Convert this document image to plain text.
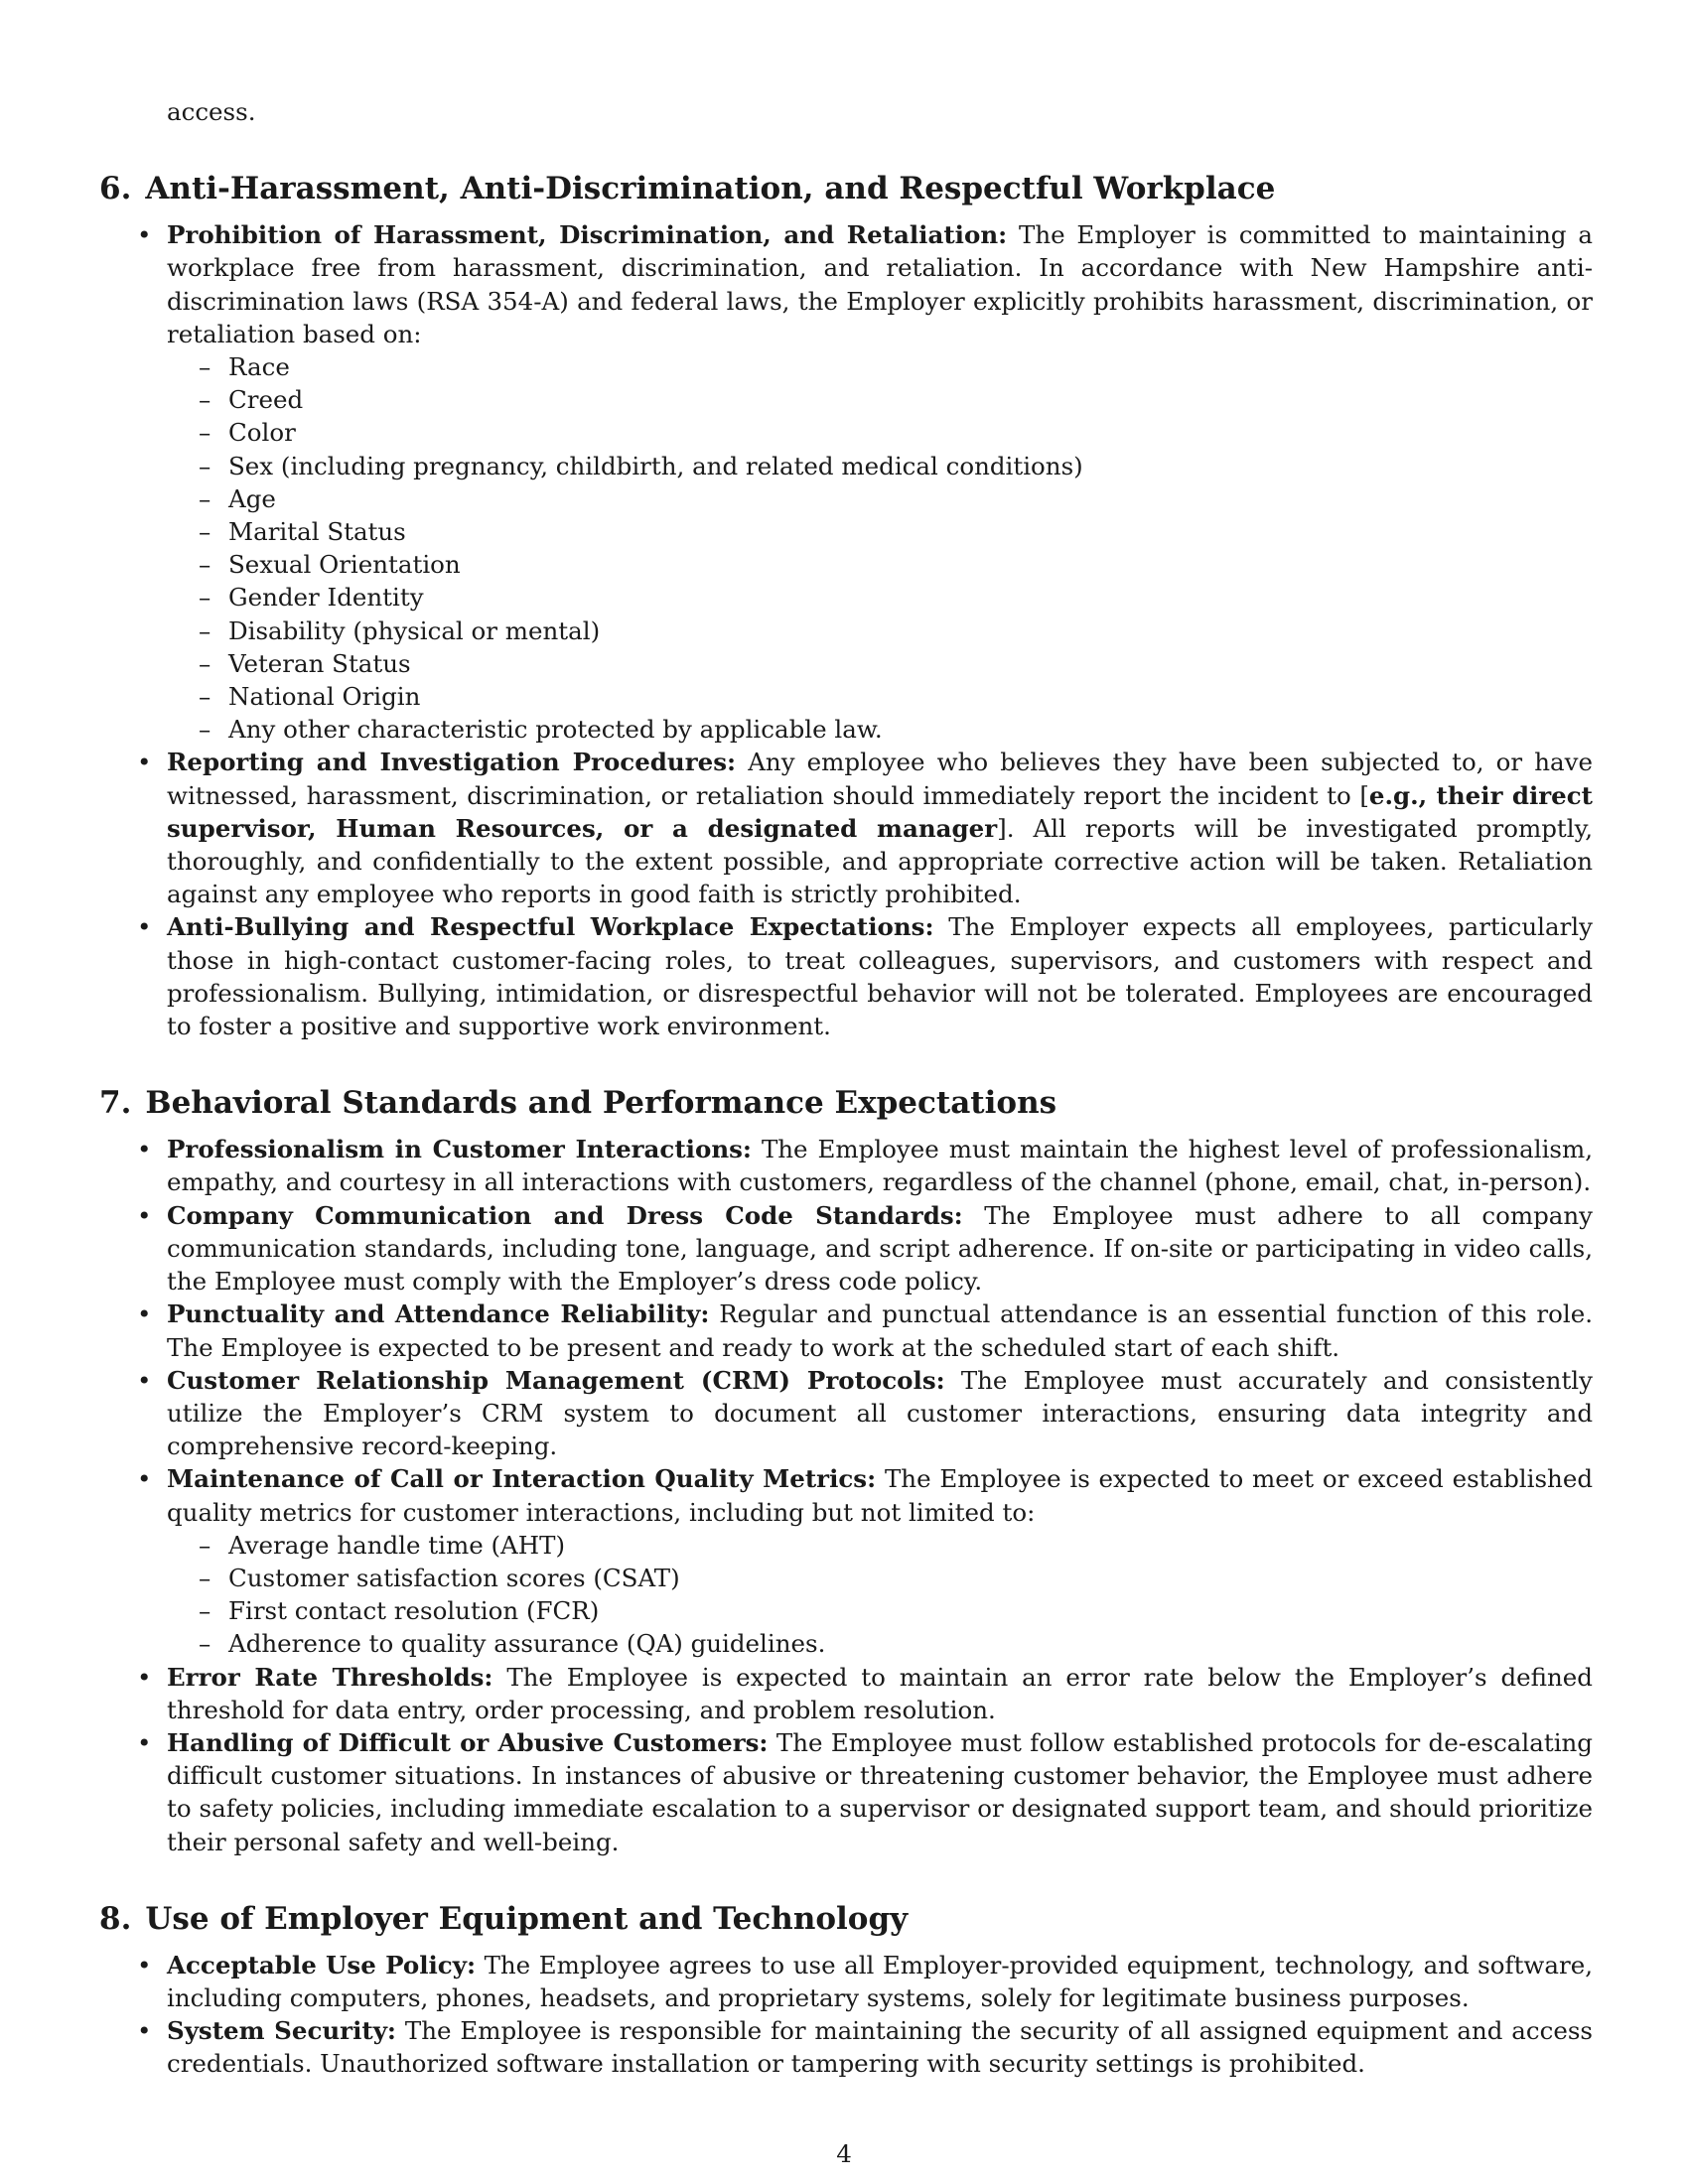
access.
6. Anti-Harassment, Anti-Discrimination, and Respectful Workplace
• Prohibition of Harassment, Discrimination, and Retaliation: The Employer is committed to maintaining a workplace free from harassment, discrimination, and retaliation. In accordance with New Hampshire anti-discrimination laws (RSA 354-A) and federal laws, the Employer explicitly prohibits harassment, discrimination, or retaliation based on:
– Race
– Creed
– Color
– Sex (including pregnancy, childbirth, and related medical conditions)
– Age
– Marital Status
– Sexual Orientation
– Gender Identity
– Disability (physical or mental)
– Veteran Status
– National Origin
– Any other characteristic protected by applicable law.
• Reporting and Investigation Procedures: Any employee who believes they have been subjected to, or have witnessed, harassment, discrimination, or retaliation should immediately report the incident to [e.g., their direct supervisor, Human Resources, or a designated manager]. All reports will be investigated promptly, thoroughly, and confidentially to the extent possible, and appropriate corrective action will be taken. Retaliation against any employee who reports in good faith is strictly prohibited.
• Anti-Bullying and Respectful Workplace Expectations: The Employer expects all employees, particularly those in high-contact customer-facing roles, to treat colleagues, supervisors, and customers with respect and professionalism. Bullying, intimidation, or disrespectful behavior will not be tolerated. Employees are encouraged to foster a positive and supportive work environment.
7. Behavioral Standards and Performance Expectations
• Professionalism in Customer Interactions: The Employee must maintain the highest level of professionalism, empathy, and courtesy in all interactions with customers, regardless of the channel (phone, email, chat, in-person).
• Company Communication and Dress Code Standards: The Employee must adhere to all company communication standards, including tone, language, and script adherence. If on-site or participating in video calls, the Employee must comply with the Employer’s dress code policy.
• Punctuality and Attendance Reliability: Regular and punctual attendance is an essential function of this role. The Employee is expected to be present and ready to work at the scheduled start of each shift.
• Customer Relationship Management (CRM) Protocols: The Employee must accurately and consistently utilize the Employer’s CRM system to document all customer interactions, ensuring data integrity and comprehensive record-keeping.
• Maintenance of Call or Interaction Quality Metrics: The Employee is expected to meet or exceed established quality metrics for customer interactions, including but not limited to:
– Average handle time (AHT)
– Customer satisfaction scores (CSAT)
– First contact resolution (FCR)
– Adherence to quality assurance (QA) guidelines.
• Error Rate Thresholds: The Employee is expected to maintain an error rate below the Employer’s defined threshold for data entry, order processing, and problem resolution.
• Handling of Difficult or Abusive Customers: The Employee must follow established protocols for de-escalating difficult customer situations. In instances of abusive or threatening customer behavior, the Employee must adhere to safety policies, including immediate escalation to a supervisor or designated support team, and should prioritize their personal safety and well-being.
8. Use of Employer Equipment and Technology
• Acceptable Use Policy: The Employee agrees to use all Employer-provided equipment, technology, and software, including computers, phones, headsets, and proprietary systems, solely for legitimate business purposes.
• System Security: The Employee is responsible for maintaining the security of all assigned equipment and access credentials. Unauthorized software installation or tampering with security settings is prohibited.
4
